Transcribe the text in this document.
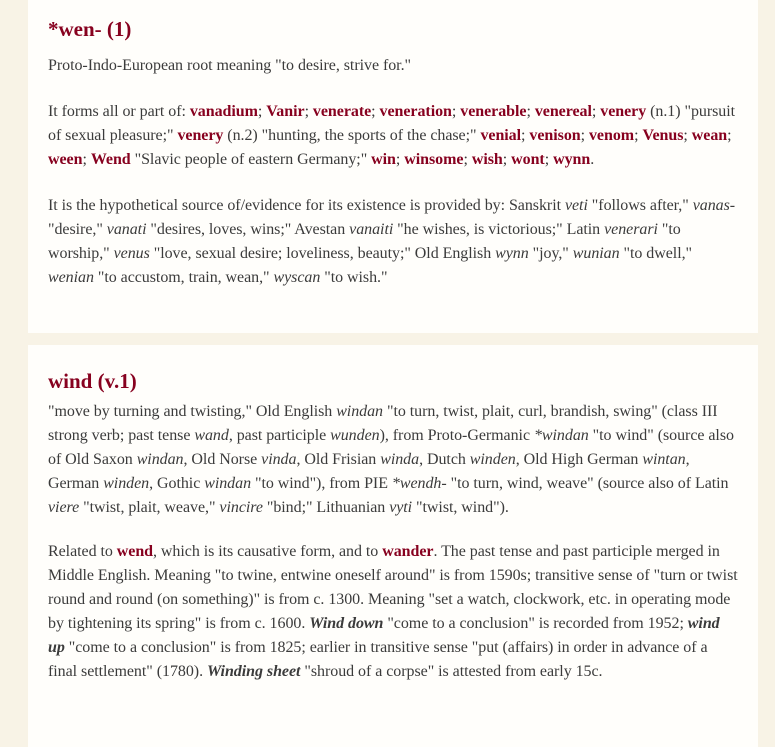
*wen- (1)

Proto-Indo-European root meaning "to desire, strive for."

It forms all or part of: vanadium; Vanir; venerate; veneration; venerable; venereal; venery (n.1) "pursuit of sexual pleasure;" venery (n.2) "hunting, the sports of the chase;" venial; venison; venom; Venus; wean; ween; Wend "Slavic people of eastern Germany;" win; winsome; wish; wont; wynn.

It is the hypothetical source of/evidence for its existence is provided by: Sanskrit veti "follows after," vanas- "desire," vanati "desires, loves, wins;" Avestan vanaiti "he wishes, is victorious;" Latin venerari "to worship," venus "love, sexual desire; loveliness, beauty;" Old English wynn "joy," wunian "to dwell," wenian "to accustom, train, wean," wyscan "to wish."

wind (v.1)

"move by turning and twisting," Old English windan "to turn, twist, plait, curl, brandish, swing" (class III strong verb; past tense wand, past participle wunden), from Proto-Germanic *windan "to wind" (source also of Old Saxon windan, Old Norse vinda, Old Frisian winda, Dutch winden, Old High German wintan, German winden, Gothic windan "to wind"), from PIE *wendh- "to turn, wind, weave" (source also of Latin viere "twist, plait, weave," vincire "bind;" Lithuanian vyti "twist, wind").

Related to wend, which is its causative form, and to wander. The past tense and past participle merged in Middle English. Meaning "to twine, entwine oneself around" is from 1590s; transitive sense of "turn or twist round and round (on something)" is from c. 1300. Meaning "set a watch, clockwork, etc. in operating mode by tightening its spring" is from c. 1600. Wind down "come to a conclusion" is recorded from 1952; wind up "come to a conclusion" is from 1825; earlier in transitive sense "put (affairs) in order in advance of a final settlement" (1780). Winding sheet "shroud of a corpse" is attested from early 15c.
